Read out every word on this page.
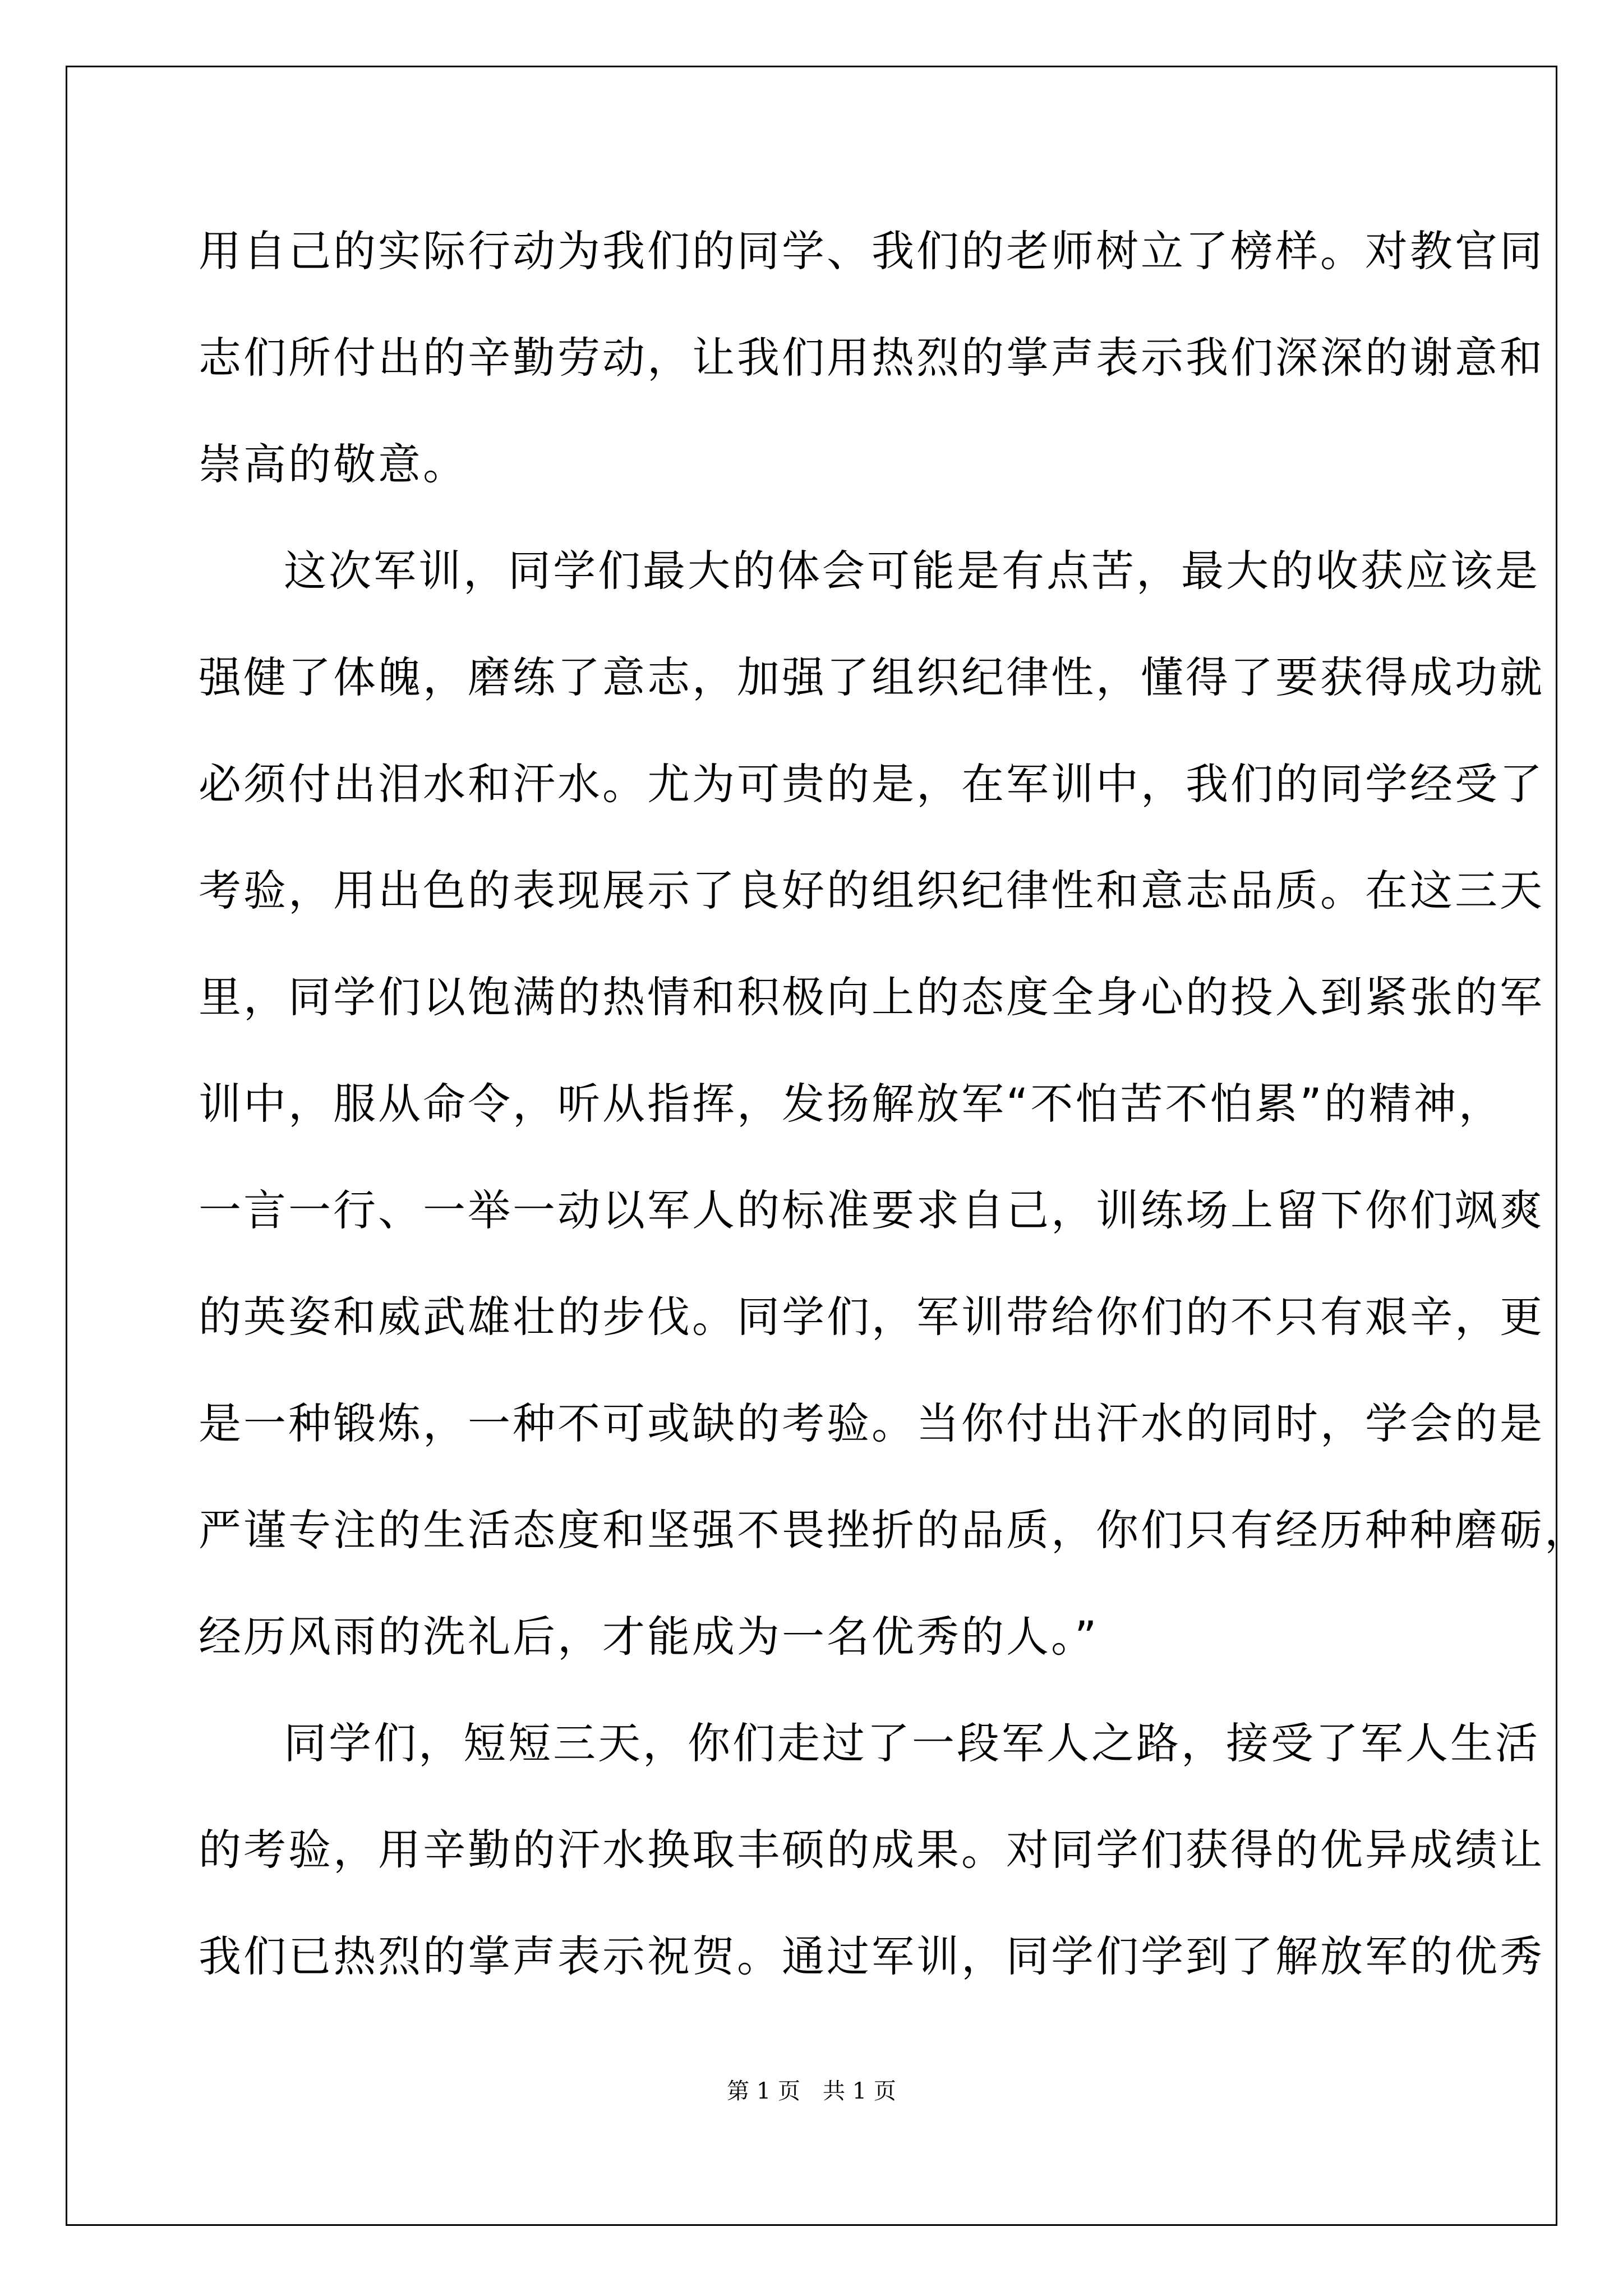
用自己的实际行动为我们的同学、我们的老师树立了榜样。对教官同
志们所付出的辛勤劳动，让我们用热烈的掌声表示我们深深的谢意和
崇高的敬意。
这次军训，同学们最大的体会可能是有点苦，最大的收获应该是
强健了体魄，磨练了意志，加强了组织纪律性，懂得了要获得成功就
必须付出泪水和汗水。尤为可贵的是，在军训中，我们的同学经受了
考验，用出色的表现展示了良好的组织纪律性和意志品质。在这三天
里，同学们以饱满的热情和积极向上的态度全身心的投入到紧张的军
训中，服从命令，听从指挥，发扬解放军“不怕苦不怕累”的精神，
一言一行、一举一动以军人的标准要求自己，训练场上留下你们飒爽
的英姿和威武雄壮的步伐。同学们，军训带给你们的不只有艰辛，更
是一种锻炼，一种不可或缺的考验。当你付出汗水的同时，学会的是
严谨专注的生活态度和坚强不畏挫折的品质，你们只有经历种种磨砺，
经历风雨的洗礼后，才能成为一名优秀的人。”
同学们，短短三天，你们走过了一段军人之路，接受了军人生活
的考验，用辛勤的汗水换取丰硕的成果。对同学们获得的优异成绩让
我们已热烈的掌声表示祝贺。通过军训，同学们学到了解放军的优秀
第 1 页　共 1 页
